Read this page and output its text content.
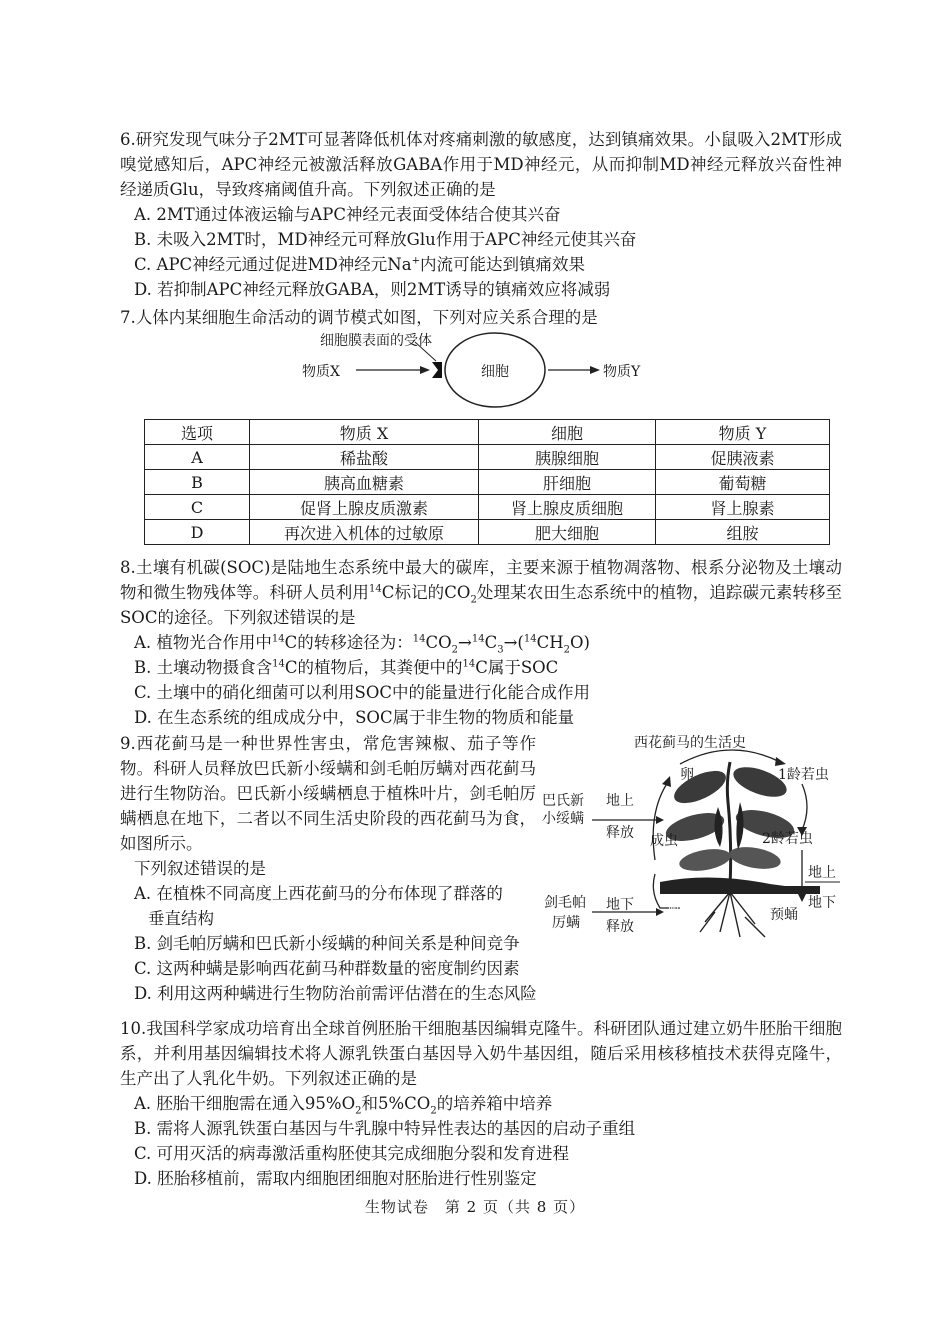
6.研究发现气味分子2MT可显著降低机体对疼痛刺激的敏感度，达到镇痛效果。小鼠吸入2MT形成嗅觉感知后，APC神经元被激活释放GABA作用于MD神经元，从而抑制MD神经元释放兴奋性神经递质Glu，导致疼痛阈值升高。下列叙述正确的是

A. 2MT通过体液运输与APC神经元表面受体结合使其兴奋

B. 未吸入2MT时，MD神经元可释放Glu作用于APC神经元使其兴奋

C. APC神经元通过促进MD神经元Na+内流可能达到镇痛效果

D. 若抑制APC神经元释放GABA，则2MT诱导的镇痛效应将减弱

7.人体内某细胞生命活动的调节模式如图，下列对应关系合理的是

细胞膜表面的受体
物质X	细胞	物质Y
选项	物质 X	细胞	物质 Y
A	稀盐酸	胰腺细胞	促胰液素
B	胰高血糖素	肝细胞	葡萄糖
C	促肾上腺皮质激素	肾上腺皮质细胞	肾上腺素
D	再次进入机体的过敏原	肥大细胞	组胺

8.土壤有机碳(SOC)是陆地生态系统中最大的碳库，主要来源于植物凋落物、根系分泌物及土壤动物和微生物残体等。科研人员利用$^{14}$C标记的$CO_2$处理某农田生态系统中的植物，追踪碳元素转移至SOC的途径。下列叙述错误的是

A. 植物光合作用中$^{14}$C的转移途径为：$^{14}CO_2\to^{14}C_3\to(^{14}CH_2O)$

B. 土壤动物摄食含$^{14}$C的植物后，其粪便中的$^{14}$C属于SOC

C. 土壤中的硝化细菌可以利用SOC中的能量进行化能合成作用

D. 在生态系统的组成成分中，SOC属于非生物的物质和能量

9.西花蓟马是一种世界性害虫，常危害辣椒、茄子等作物。科研人员释放巴氏新小绥螨和剑毛帕厉螨对西花蓟马进行生物防治。巴氏新小绥螨栖息于植株叶片，剑毛帕厉螨栖息在地下，二者以不同生活史阶段的西花蓟马为食，如图所示。

下列叙述错误的是

A. 在植株不同高度上西花蓟马的分布体现了群落的

垂直结构

B. 剑毛帕厉螨和巴氏新小绥螨的种间关系是种间竞争

C. 这两种螨是影响西花蓟马种群数量的密度制约因素

D. 利用这两种螨进行生物防治前需评估潜在的生态风险

西花蓟马的生活史
卵	1龄若虫
2龄若虫
成虫
预蛹
蛹
地上
地下
巴氏新
小绥螨
地上
释放
剑毛帕
厉螨
地下
释放

10.我国科学家成功培育出全球首例胚胎干细胞基因编辑克隆牛。科研团队通过建立奶牛胚胎干细胞系，并利用基因编辑技术将人源乳铁蛋白基因导入奶牛基因组，随后采用核移植技术获得克隆牛，生产出了人乳化牛奶。下列叙述正确的是

A. 胚胎干细胞需在通入$95\%O_2$和$5\%CO_2$的培养箱中培养

B. 需将人源乳铁蛋白基因与牛乳腺中特异性表达的基因的启动子重组

C. 可用灭活的病毒激活重构胚使其完成细胞分裂和发育进程

D. 胚胎移植前，需取内细胞团细胞对胚胎进行性别鉴定

生物试卷　第 2 页（共 8 页）
